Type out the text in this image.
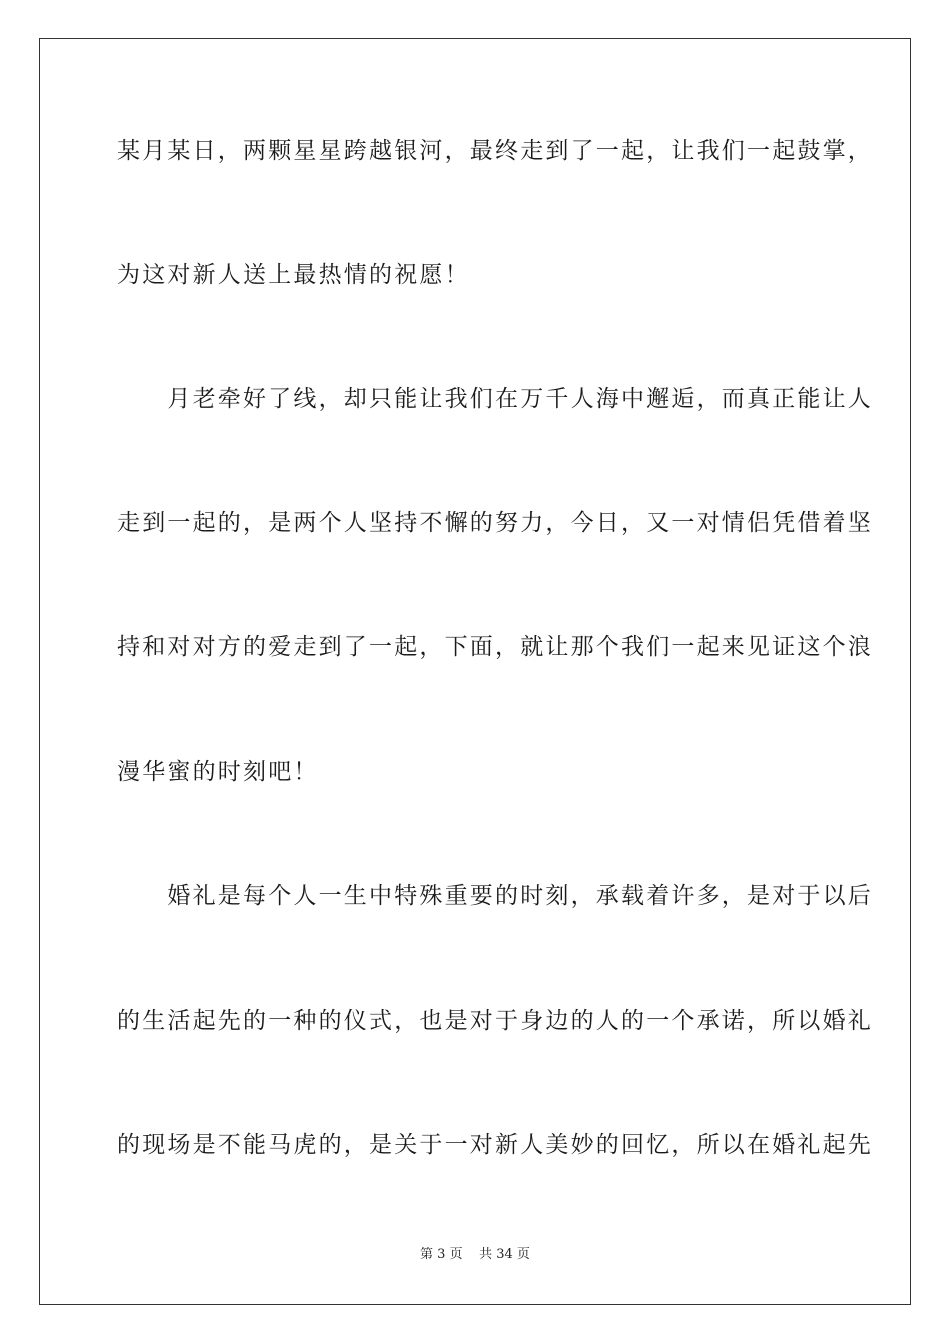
某月某日，两颗星星跨越银河，最终走到了一起，让我们一起鼓掌，
为这对新人送上最热情的祝愿！
　　月老牵好了线，却只能让我们在万千人海中邂逅，而真正能让人
走到一起的，是两个人坚持不懈的努力，今日，又一对情侣凭借着坚
持和对对方的爱走到了一起，下面，就让那个我们一起来见证这个浪
漫华蜜的时刻吧！
　　婚礼是每个人一生中特殊重要的时刻，承载着许多，是对于以后
的生活起先的一种的仪式，也是对于身边的人的一个承诺，所以婚礼
的现场是不能马虎的，是关于一对新人美妙的回忆，所以在婚礼起先
第 3 页 共 34 页
